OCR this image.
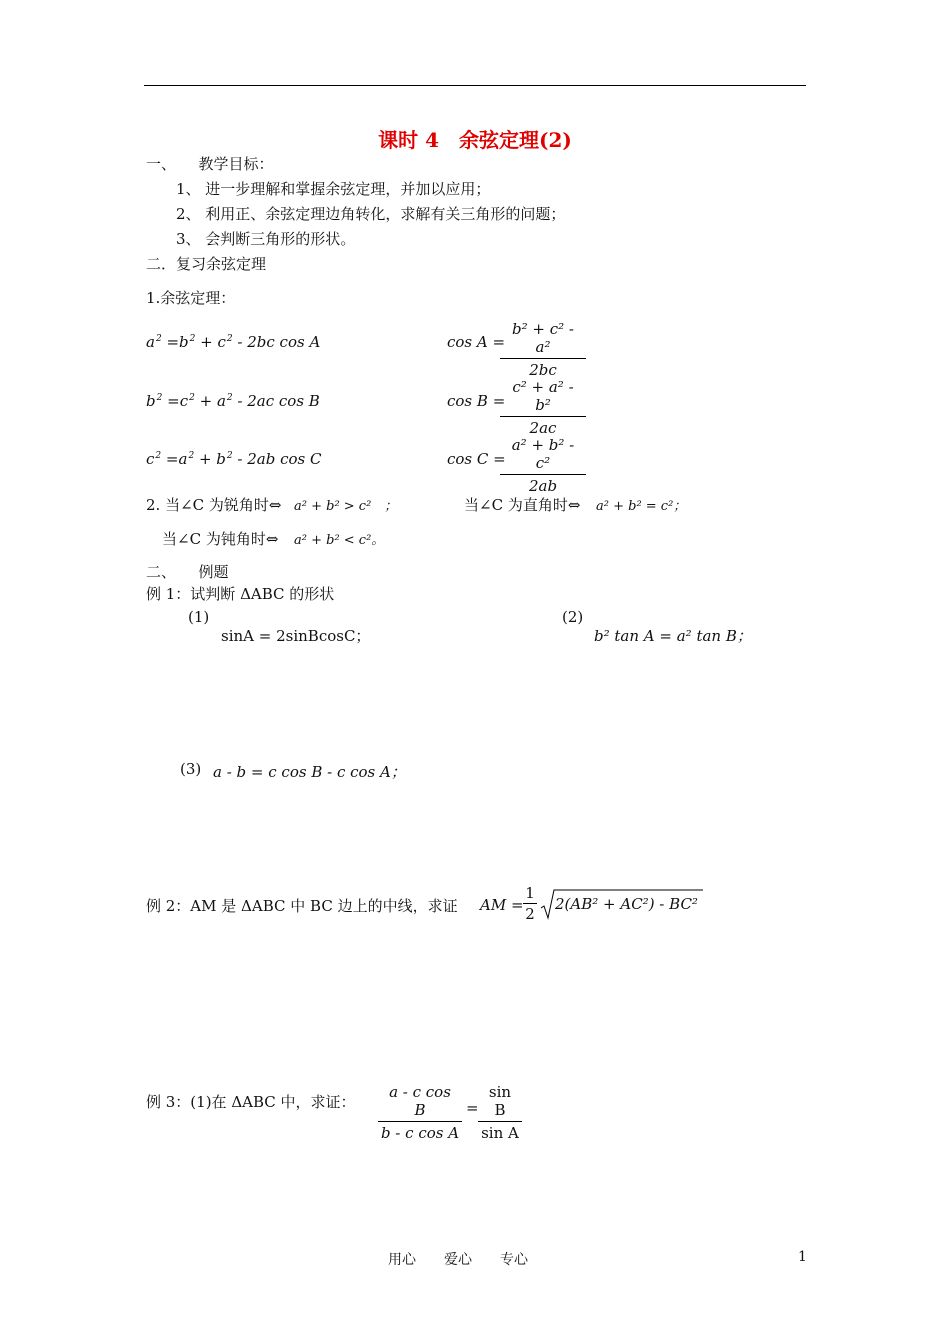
课时 4　余弦定理(2)
一、　　教学目标：
1、 进一步理解和掌握余弦定理，并加以应用；
2、 利用正、余弦定理边角转化，求解有关三角形的问题；
3、 会判断三角形的形状。
二．复习余弦定理
1.余弦定理：
$a^2 =b^2 + c^2 - 2bc$ cos A	cos A =
b² + c² - a²
2bc
$b^2 =c^2 + a^2 - 2ac$ cos B	cos B =
c² + a² - b²
2ac
$c^2 =a^2 + b^2 - 2ab$ cos C	cos C =
a² + b² - c²
2ab
2. 当∠C 为锐角时⇔ a² + b² > c²　；	当∠C 为直角时⇔ a² + b² = c²；
当∠C 为钝角时⇔ a² + b² < c²。
二、　　例题
例 1：试判断 ΔABC 的形状
(1)
sinA = 2sinBcosC；
(2)
b² tan A = a² tan B；
(3) a - b = c cos B - c cos A；
例 2：AM 是 ΔABC 中 BC 边上的中线，求证 AM =
1
2
2(AB² + AC²) - BC²
例 3：(1)在 ΔABC 中，求证：
a - c cos B
b - c cos A
=
sin B
sin A
用心　　爱心　　专心	1
